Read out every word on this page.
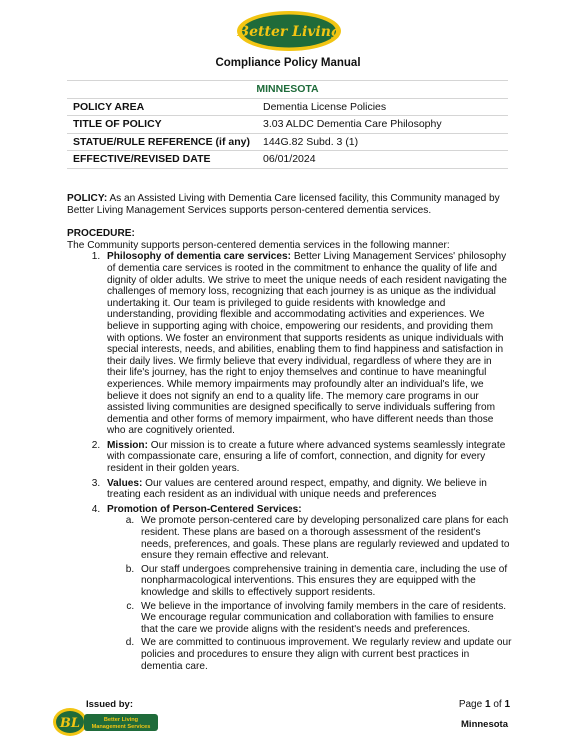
Better Living
Compliance Policy Manual
MINNESOTA	
POLICY AREA	Dementia License Policies
TITLE OF POLICY	3.03 ALDC Dementia Care Philosophy
STATUE/RULE REFERENCE (if any)	144G.82 Subd. 3 (1)
EFFECTIVE/REVISED DATE	06/01/2024

POLICY: As an Assisted Living with Dementia Care licensed facility, this Community managed by Better Living Management Services supports person-centered dementia services.

PROCEDURE:

The Community supports person-centered dementia services in the following manner:

1. Philosophy of dementia care services: Better Living Management Services' philosophy of dementia care services is rooted in the commitment to enhance the quality of life and dignity of older adults. We strive to meet the unique needs of each resident navigating the challenges of memory loss, recognizing that each journey is as unique as the individual undertaking it. Our team is privileged to guide residents with knowledge and understanding, providing flexible and accommodating activities and experiences. We believe in supporting aging with choice, empowering our residents, and providing them with options. We foster an environment that supports residents as unique individuals with special interests, needs, and abilities, enabling them to find happiness and satisfaction in their daily lives. We firmly believe that every individual, regardless of where they are in their life's journey, has the right to enjoy themselves and continue to have meaningful experiences. While memory impairments may profoundly alter an individual's life, we believe it does not signify an end to a quality life. The memory care programs in our assisted living communities are designed specifically to serve individuals suffering from dementia and other forms of memory impairment, who have different needs than those who are cognitively oriented.
2. Mission: Our mission is to create a future where advanced systems seamlessly integrate with compassionate care, ensuring a life of comfort, connection, and dignity for every resident in their golden years.
3. Values: Our values are centered around respect, empathy, and dignity. We believe in treating each resident as an individual with unique needs and preferences
4. Promotion of Person-Centered Services:
a. We promote person-centered care by developing personalized care plans for each resident. These plans are based on a thorough assessment of the resident's needs, preferences, and goals. These plans are regularly reviewed and updated to ensure they remain effective and relevant.
b. Our staff undergoes comprehensive training in dementia care, including the use of nonpharmacological interventions. This ensures they are equipped with the knowledge and skills to effectively support residents.
c. We believe in the importance of involving family members in the care of residents. We encourage regular communication and collaboration with families to ensure that the care we provide aligns with the resident's needs and preferences.
d. We are committed to continuous improvement. We regularly review and update our policies and procedures to ensure they align with current best practices in dementia care.
Issued by:
BL	Better Living
Management Services
Page 1 of 1
Minnesota
